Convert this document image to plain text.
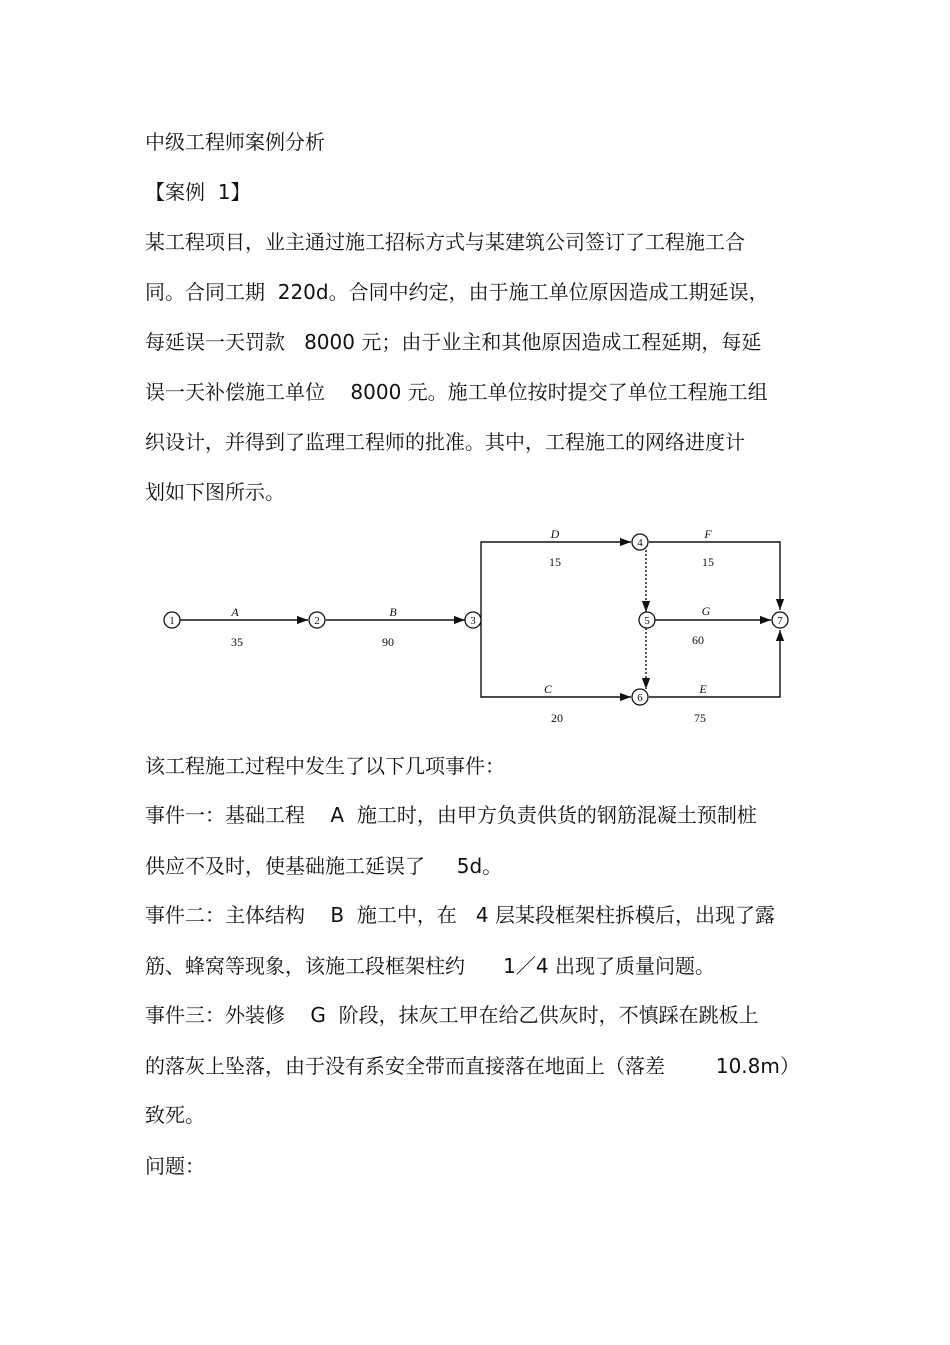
中级工程师案例分析
【案例  1】
某工程项目，业主通过施工招标方式与某建筑公司签订了工程施工合
同。合同工期  220d。合同中约定，由于施工单位原因造成工期延误，
每延误一天罚款   8000 元；由于业主和其他原因造成工程延期，每延
误一天补偿施工单位    8000 元。施工单位按时提交了单位工程施工组
织设计，并得到了监理工程师的批准。其中，工程施工的网络进度计
划如下图所示。
1	2	3
4
5
6
7
A
35
B
90
D
15
F
15
G
60
C
20
E
75
该工程施工过程中发生了以下几项事件：
事件一：基础工程    A  施工时，由甲方负责供货的钢筋混凝土预制桩
供应不及时，使基础施工延误了     5d。
事件二：主体结构    B  施工中，在   4 层某段框架柱拆模后，出现了露
筋、蜂窝等现象，该施工段框架柱约      1／4 出现了质量问题。
事件三：外装修    G  阶段，抹灰工甲在给乙供灰时，不慎踩在跳板上
的落灰上坠落，由于没有系安全带而直接落在地面上（落差        10.8m）
致死。
问题：
